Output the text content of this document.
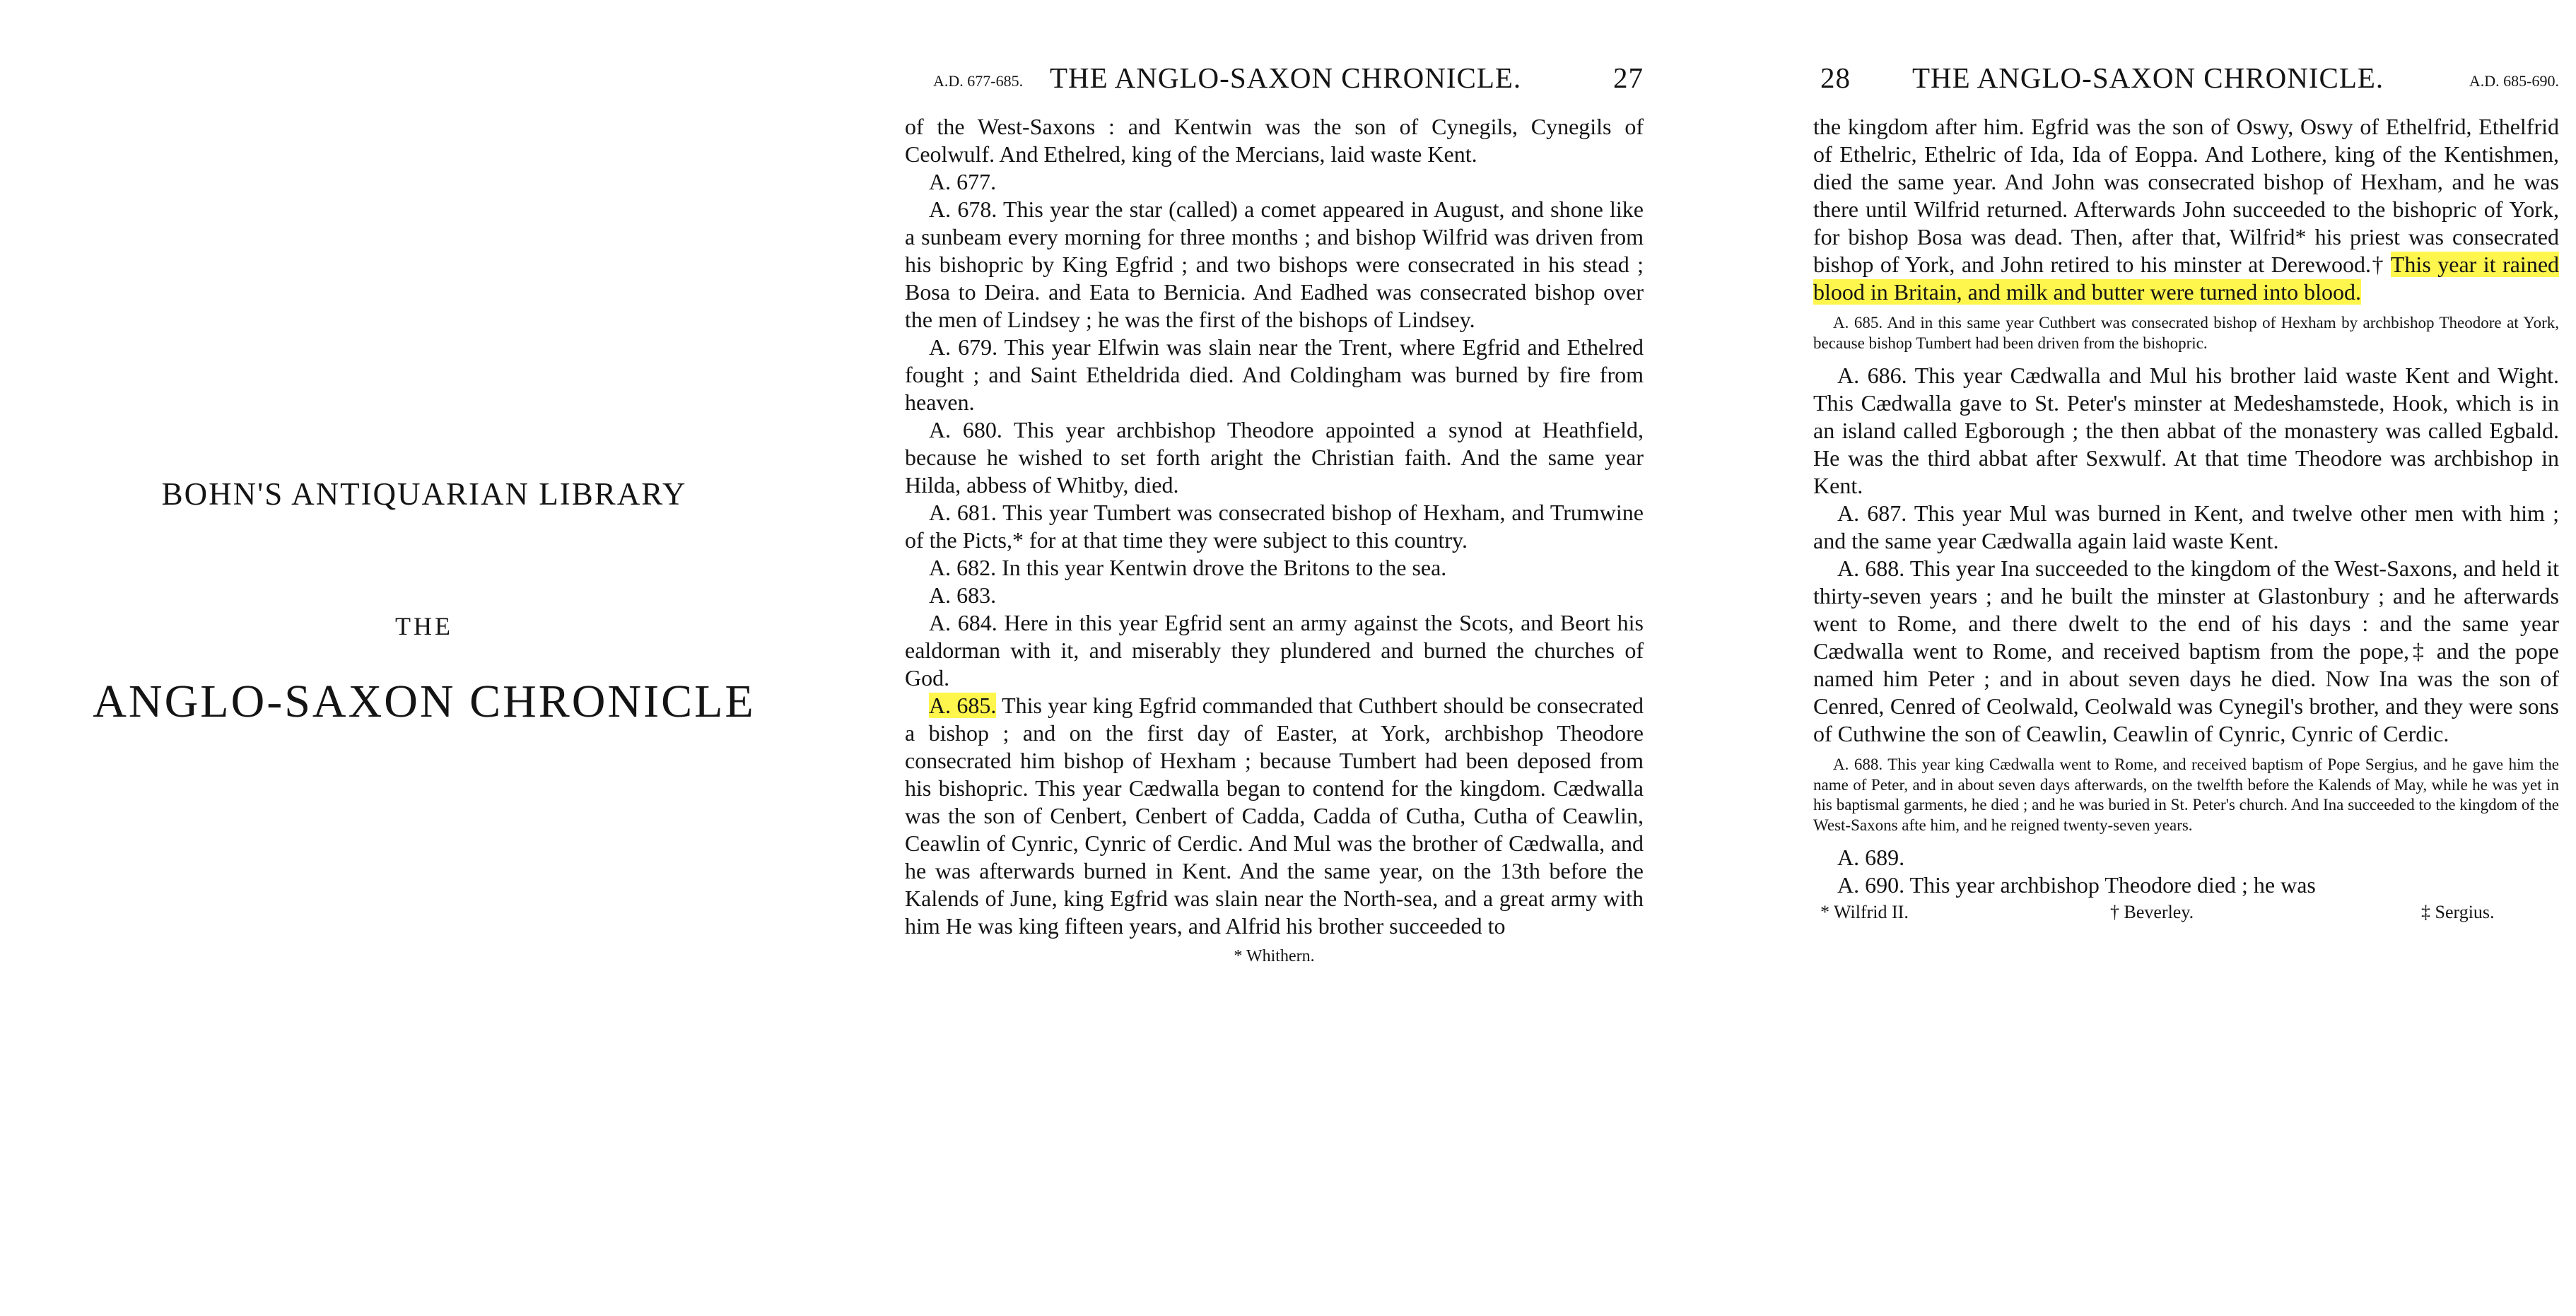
BOHN'S ANTIQUARIAN LIBRARY
THE
ANGLO-SAXON CHRONICLE
A.D. 677-685. THE ANGLO-SAXON CHRONICLE.	27

of the West-Saxons : and Kentwin was the son of Cynegils, Cynegils of Ceolwulf. And Ethelred, king of the Mercians, laid waste Kent.

A. 677.

A. 678. This year the star (called) a comet appeared in August, and shone like a sunbeam every morning for three months ; and bishop Wilfrid was driven from his bishopric by King Egfrid ; and two bishops were consecrated in his stead ; Bosa to Deira. and Eata to Bernicia. And Eadhed was consecrated bishop over the men of Lindsey ; he was the first of the bishops of Lindsey.

A. 679. This year Elfwin was slain near the Trent, where Egfrid and Ethelred fought ; and Saint Etheldrida died. And Coldingham was burned by fire from heaven.

A. 680. This year archbishop Theodore appointed a synod at Heathfield, because he wished to set forth aright the Christian faith. And the same year Hilda, abbess of Whitby, died.

A. 681. This year Tumbert was consecrated bishop of Hexham, and Trumwine of the Picts,* for at that time they were subject to this country.

A. 682. In this year Kentwin drove the Britons to the sea.

A. 683.

A. 684. Here in this year Egfrid sent an army against the Scots, and Beort his ealdorman with it, and miserably they plundered and burned the churches of God.

A. 685. This year king Egfrid commanded that Cuthbert should be consecrated a bishop ; and on the first day of Easter, at York, archbishop Theodore consecrated him bishop of Hexham ; because Tumbert had been deposed from his bishopric. This year Cædwalla began to contend for the kingdom. Cædwalla was the son of Cenbert, Cenbert of Cadda, Cadda of Cutha, Cutha of Ceawlin, Ceawlin of Cynric, Cynric of Cerdic. And Mul was the brother of Cædwalla, and he was afterwards burned in Kent. And the same year, on the 13th before the Kalends of June, king Egfrid was slain near the North-sea, and a great army with him He was king fifteen years, and Alfrid his brother succeeded to

* Whithern.
28 THE ANGLO-SAXON CHRONICLE.	A.D. 685-690.

the kingdom after him. Egfrid was the son of Oswy, Oswy of Ethelfrid, Ethelfrid of Ethelric, Ethelric of Ida, Ida of Eoppa. And Lothere, king of the Kentishmen, died the same year. And John was consecrated bishop of Hexham, and he was there until Wilfrid returned. Afterwards John succeeded to the bishopric of York, for bishop Bosa was dead. Then, after that, Wilfrid* his priest was consecrated bishop of York, and John retired to his minster at Derewood.† This year it rained blood in Britain, and milk and butter were turned into blood.

A. 685. And in this same year Cuthbert was consecrated bishop of Hexham by archbishop Theodore at York, because bishop Tumbert had been driven from the bishopric.

A. 686. This year Cædwalla and Mul his brother laid waste Kent and Wight. This Cædwalla gave to St. Peter's minster at Medeshamstede, Hook, which is in an island called Egborough ; the then abbat of the monastery was called Egbald. He was the third abbat after Sexwulf. At that time Theodore was archbishop in Kent.

A. 687. This year Mul was burned in Kent, and twelve other men with him ; and the same year Cædwalla again laid waste Kent.

A. 688. This year Ina succeeded to the kingdom of the West-Saxons, and held it thirty-seven years ; and he built the minster at Glastonbury ; and he afterwards went to Rome, and there dwelt to the end of his days : and the same year Cædwalla went to Rome, and received baptism from the pope,‡ and the pope named him Peter ; and in about seven days he died. Now Ina was the son of Cenred, Cenred of Ceolwald, Ceolwald was Cynegil's brother, and they were sons of Cuthwine the son of Ceawlin, Ceawlin of Cynric, Cynric of Cerdic.

A. 688. This year king Cædwalla went to Rome, and received baptism of Pope Sergius, and he gave him the name of Peter, and in about seven days afterwards, on the twelfth before the Kalends of May, while he was yet in his baptismal garments, he died ; and he was buried in St. Peter's church. And Ina succeeded to the kingdom of the West-Saxons afte him, and he reigned twenty-seven years.

A. 689.

A. 690. This year archbishop Theodore died ; he was

* Wilfrid II.	† Beverley.	‡ Sergius.
